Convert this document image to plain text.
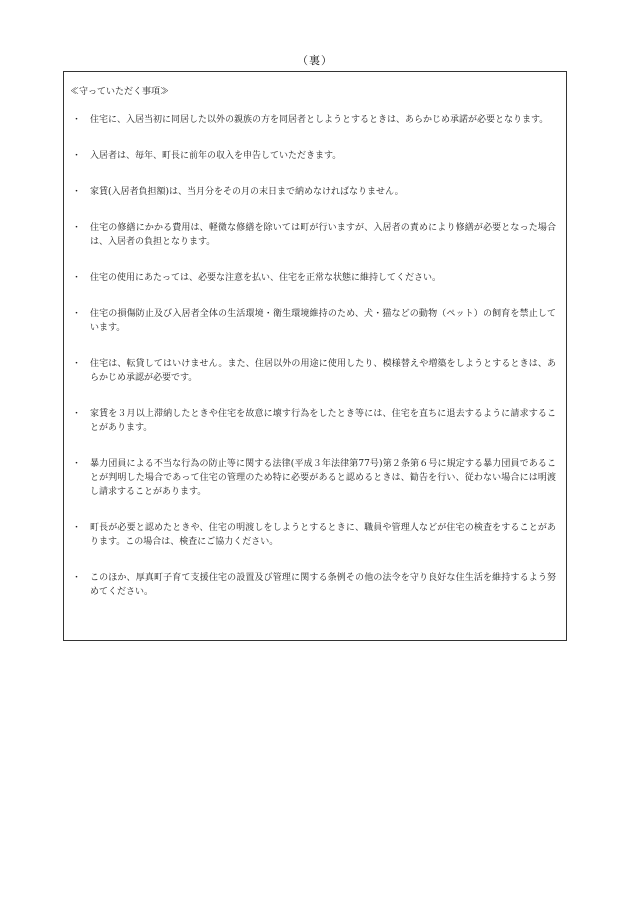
（裏）
≪守っていただく事項≫
・ 住宅に、入居当初に同居した以外の親族の方を同居者としようとするときは、あらかじめ承諾が必要となります。
・ 入居者は、毎年、町長に前年の収入を申告していただきます。
・ 家賃(入居者負担額)は、当月分をその月の末日まで納めなければなりません。
・ 住宅の修繕にかかる費用は、軽微な修繕を除いては町が行いますが、入居者の責めにより修繕が必要となった場合は、入居者の負担となります。
・ 住宅の使用にあたっては、必要な注意を払い、住宅を正常な状態に維持してください。
・ 住宅の損傷防止及び入居者全体の生活環境・衛生環境維持のため、犬・猫などの動物（ペット）の飼育を禁止しています。
・ 住宅は、転貸してはいけません。また、住居以外の用途に使用したり、模様替えや増築をしようとするときは、あらかじめ承認が必要です。
・ 家賃を３月以上滞納したときや住宅を故意に壊す行為をしたとき等には、住宅を直ちに退去するように請求することがあります。
・ 暴力団員による不当な行為の防止等に関する法律(平成３年法律第77号)第２条第６号に規定する暴力団員であることが判明した場合であって住宅の管理のため特に必要があると認めるときは、勧告を行い、従わない場合には明渡し請求することがあります。
・ 町長が必要と認めたときや、住宅の明渡しをしようとするときに、職員や管理人などが住宅の検査をすることがあります。この場合は、検査にご協力ください。
・ このほか、厚真町子育て支援住宅の設置及び管理に関する条例その他の法令を守り良好な住生活を維持するよう努めてください。
